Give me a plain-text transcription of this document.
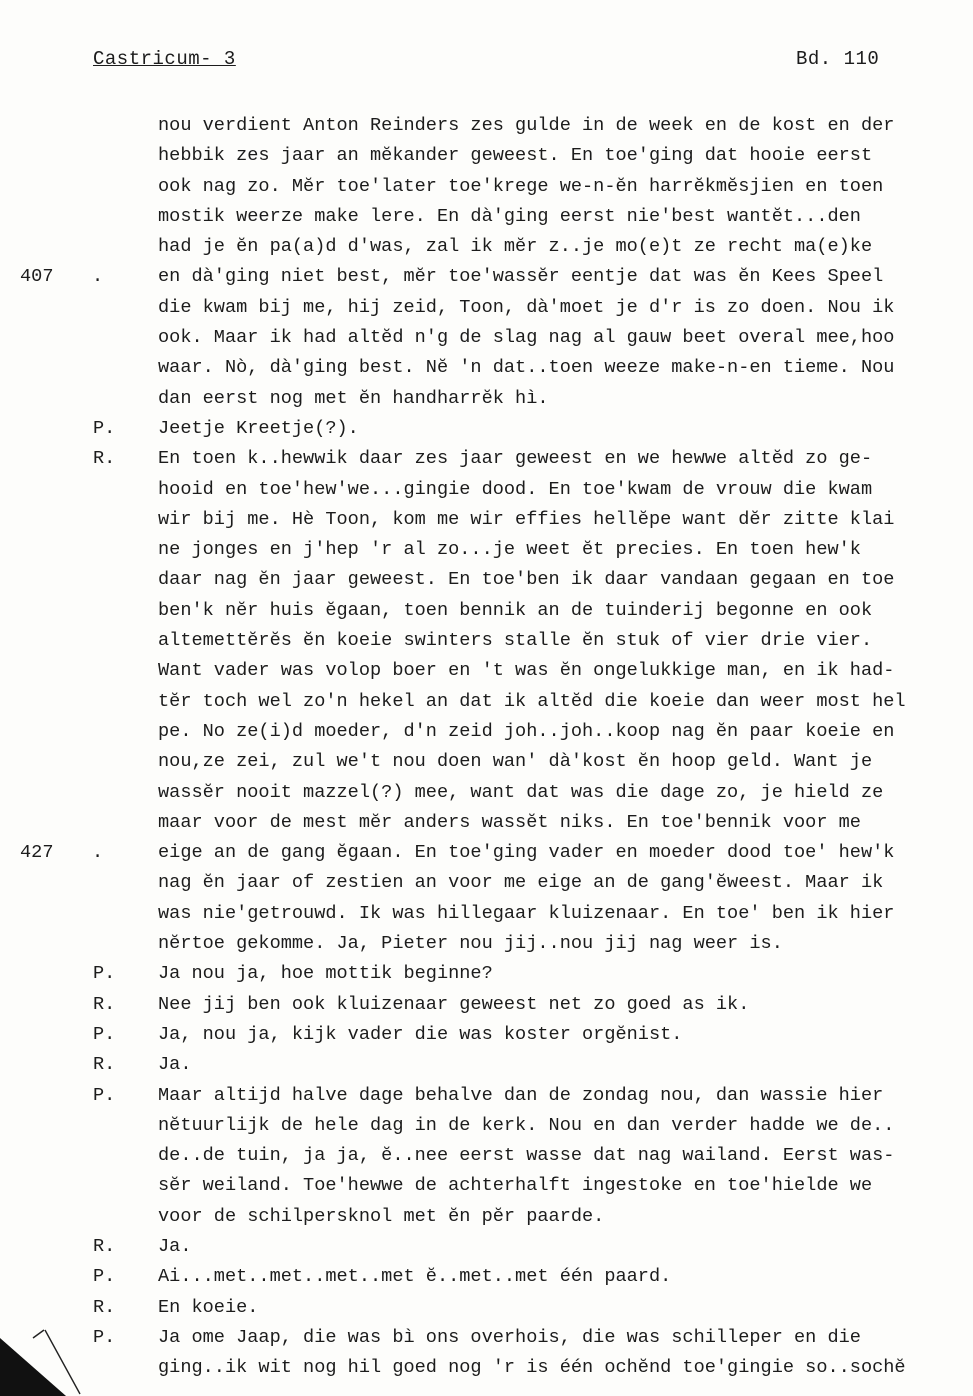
Castricum- 3	Bd. 110
nou verdient Anton Reinders zes gulde in de week en de kost en der
hebbik zes jaar an mĕkander geweest. En toe'ging dat hooie eerst
ook nag zo. Mĕr toe'later toe'krege we-n-ĕn harrĕkmĕsjien en toen
mostik weerze make lere. En dà'ging eerst nie'best wantĕt...den
had je ĕn pa(a)d d'was, zal ik mĕr z..je mo(e)t ze recht ma(e)ke
407 .	en dà'ging niet best, mĕr toe'wassĕr eentje dat was ĕn Kees Speel
die kwam bij me, hij zeid, Toon, dà'moet je d'r is zo doen. Nou ik
ook. Maar ik had altĕd n'g de slag nag al gauw beet overal mee,hoo
waar. Nò, dà'ging best. Nĕ 'n dat..toen weeze make-n-en tieme. Nou
dan eerst nog met ĕn handharrĕk hì.
P. Jeetje Kreetje(?).
R. En toen k..hewwik daar zes jaar geweest en we hewwe altĕd zo ge-
hooid en toe'hew'we...gingie dood. En toe'kwam de vrouw die kwam
wir bij me. Hè Toon, kom me wir effies hellĕpe want dĕr zitte klai
ne jonges en j'hep 'r al zo...je weet ĕt precies. En toen hew'k
daar nag ĕn jaar geweest. En toe'ben ik daar vandaan gegaan en toe
ben'k nĕr huis ĕgaan, toen bennik an de tuinderij begonne en ook
altemettĕrĕs ĕn koeie swinters stalle ĕn stuk of vier drie vier.
Want vader was volop boer en 't was ĕn ongelukkige man, en ik had-
tĕr toch wel zo'n hekel an dat ik altĕd die koeie dan weer most hel
pe. No ze(i)d moeder, d'n zeid joh..joh..koop nag ĕn paar koeie en
nou,ze zei, zul we't nou doen wan' dà'kost ĕn hoop geld. Want je
wassĕr nooit mazzel(?) mee, want dat was die dage zo, je hield ze
maar voor de mest mĕr anders wassĕt niks. En toe'bennik voor me
427 .	eige an de gang ĕgaan. En toe'ging vader en moeder dood toe' hew'k
nag ĕn jaar of zestien an voor me eige an de gang'ĕweest. Maar ik
was nie'getrouwd. Ik was hillegaar kluizenaar. En toe' ben ik hier
nĕrtoe gekomme. Ja, Pieter nou jij..nou jij nag weer is.
P. Ja nou ja, hoe mottik beginne?
R. Nee jij ben ook kluizenaar geweest net zo goed as ik.
P. Ja, nou ja, kijk vader die was koster orgĕnist.
R. Ja.
P. Maar altijd halve dage behalve dan de zondag nou, dan wassie hier
nĕtuurlijk de hele dag in de kerk. Nou en dan verder hadde we de..
de..de tuin, ja ja, ĕ..nee eerst wasse dat nag wailand. Eerst was-
sĕr weiland. Toe'hewwe de achterhalft ingestoke en toe'hielde we
voor de schilpersknol met ĕn pĕr paarde.
R. Ja.
P. Ai...met..met..met..met ĕ..met..met één paard.
R. En koeie.
P. Ja ome Jaap, die was bì ons overhois, die was schilleper en die
ging..ik wit nog hil goed nog 'r is één ochĕnd toe'gingie so..sochĕ
